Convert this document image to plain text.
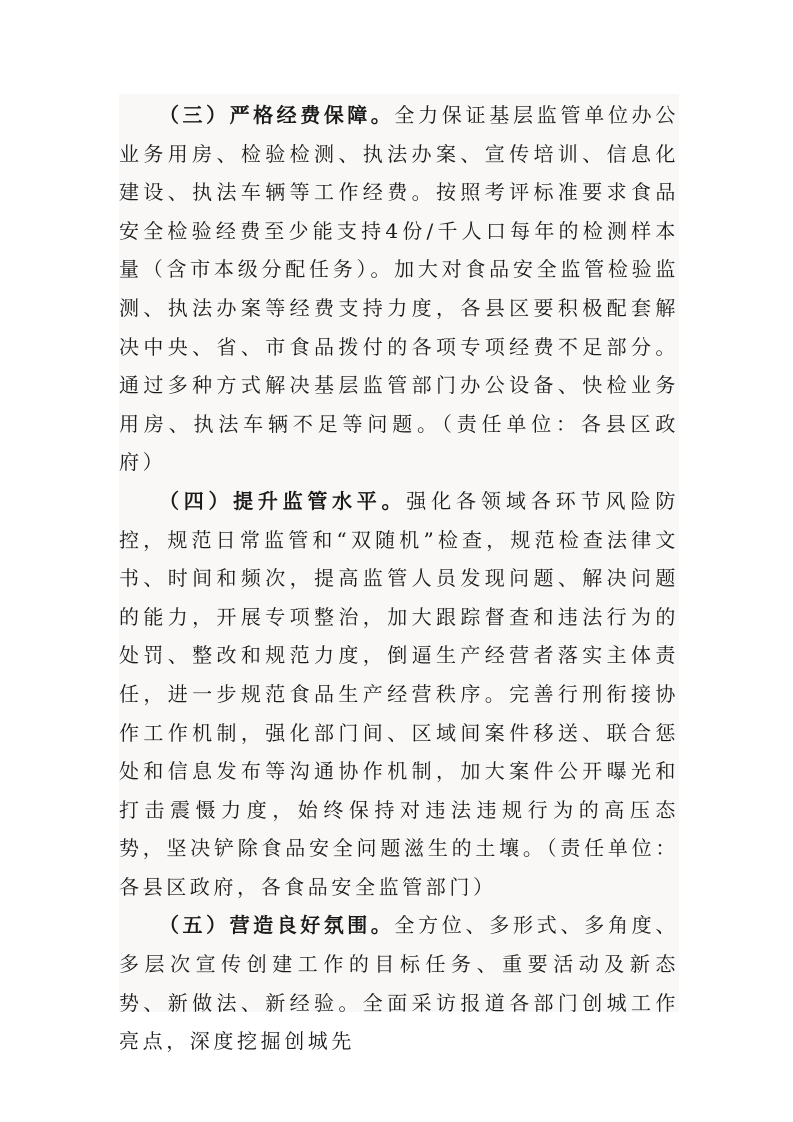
（三）严格经费保障。全力保证基层监管单位办公业务用房、检验检测、执法办案、宣传培训、信息化建设、执法车辆等工作经费。按照考评标准要求食品安全检验经费至少能支持4份/千人口每年的检测样本量（含市本级分配任务）。加大对食品安全监管检验监测、执法办案等经费支持力度，各县区要积极配套解决中央、省、市食品拨付的各项专项经费不足部分。通过多种方式解决基层监管部门办公设备、快检业务用房、执法车辆不足等问题。（责任单位：各县区政府）

（四）提升监管水平。强化各领域各环节风险防控，规范日常监管和“双随机”检查，规范检查法律文书、时间和频次，提高监管人员发现问题、解决问题的能力，开展专项整治，加大跟踪督查和违法行为的处罚、整改和规范力度，倒逼生产经营者落实主体责任，进一步规范食品生产经营秩序。完善行刑衔接协作工作机制，强化部门间、区域间案件移送、联合惩处和信息发布等沟通协作机制，加大案件公开曝光和打击震慑力度，始终保持对违法违规行为的高压态势，坚决铲除食品安全问题滋生的土壤。（责任单位：各县区政府，各食品安全监管部门）

（五）营造良好氛围。全方位、多形式、多角度、多层次宣传创建工作的目标任务、重要活动及新态势、新做法、新经验。全面采访报道各部门创城工作亮点，深度挖掘创城先
